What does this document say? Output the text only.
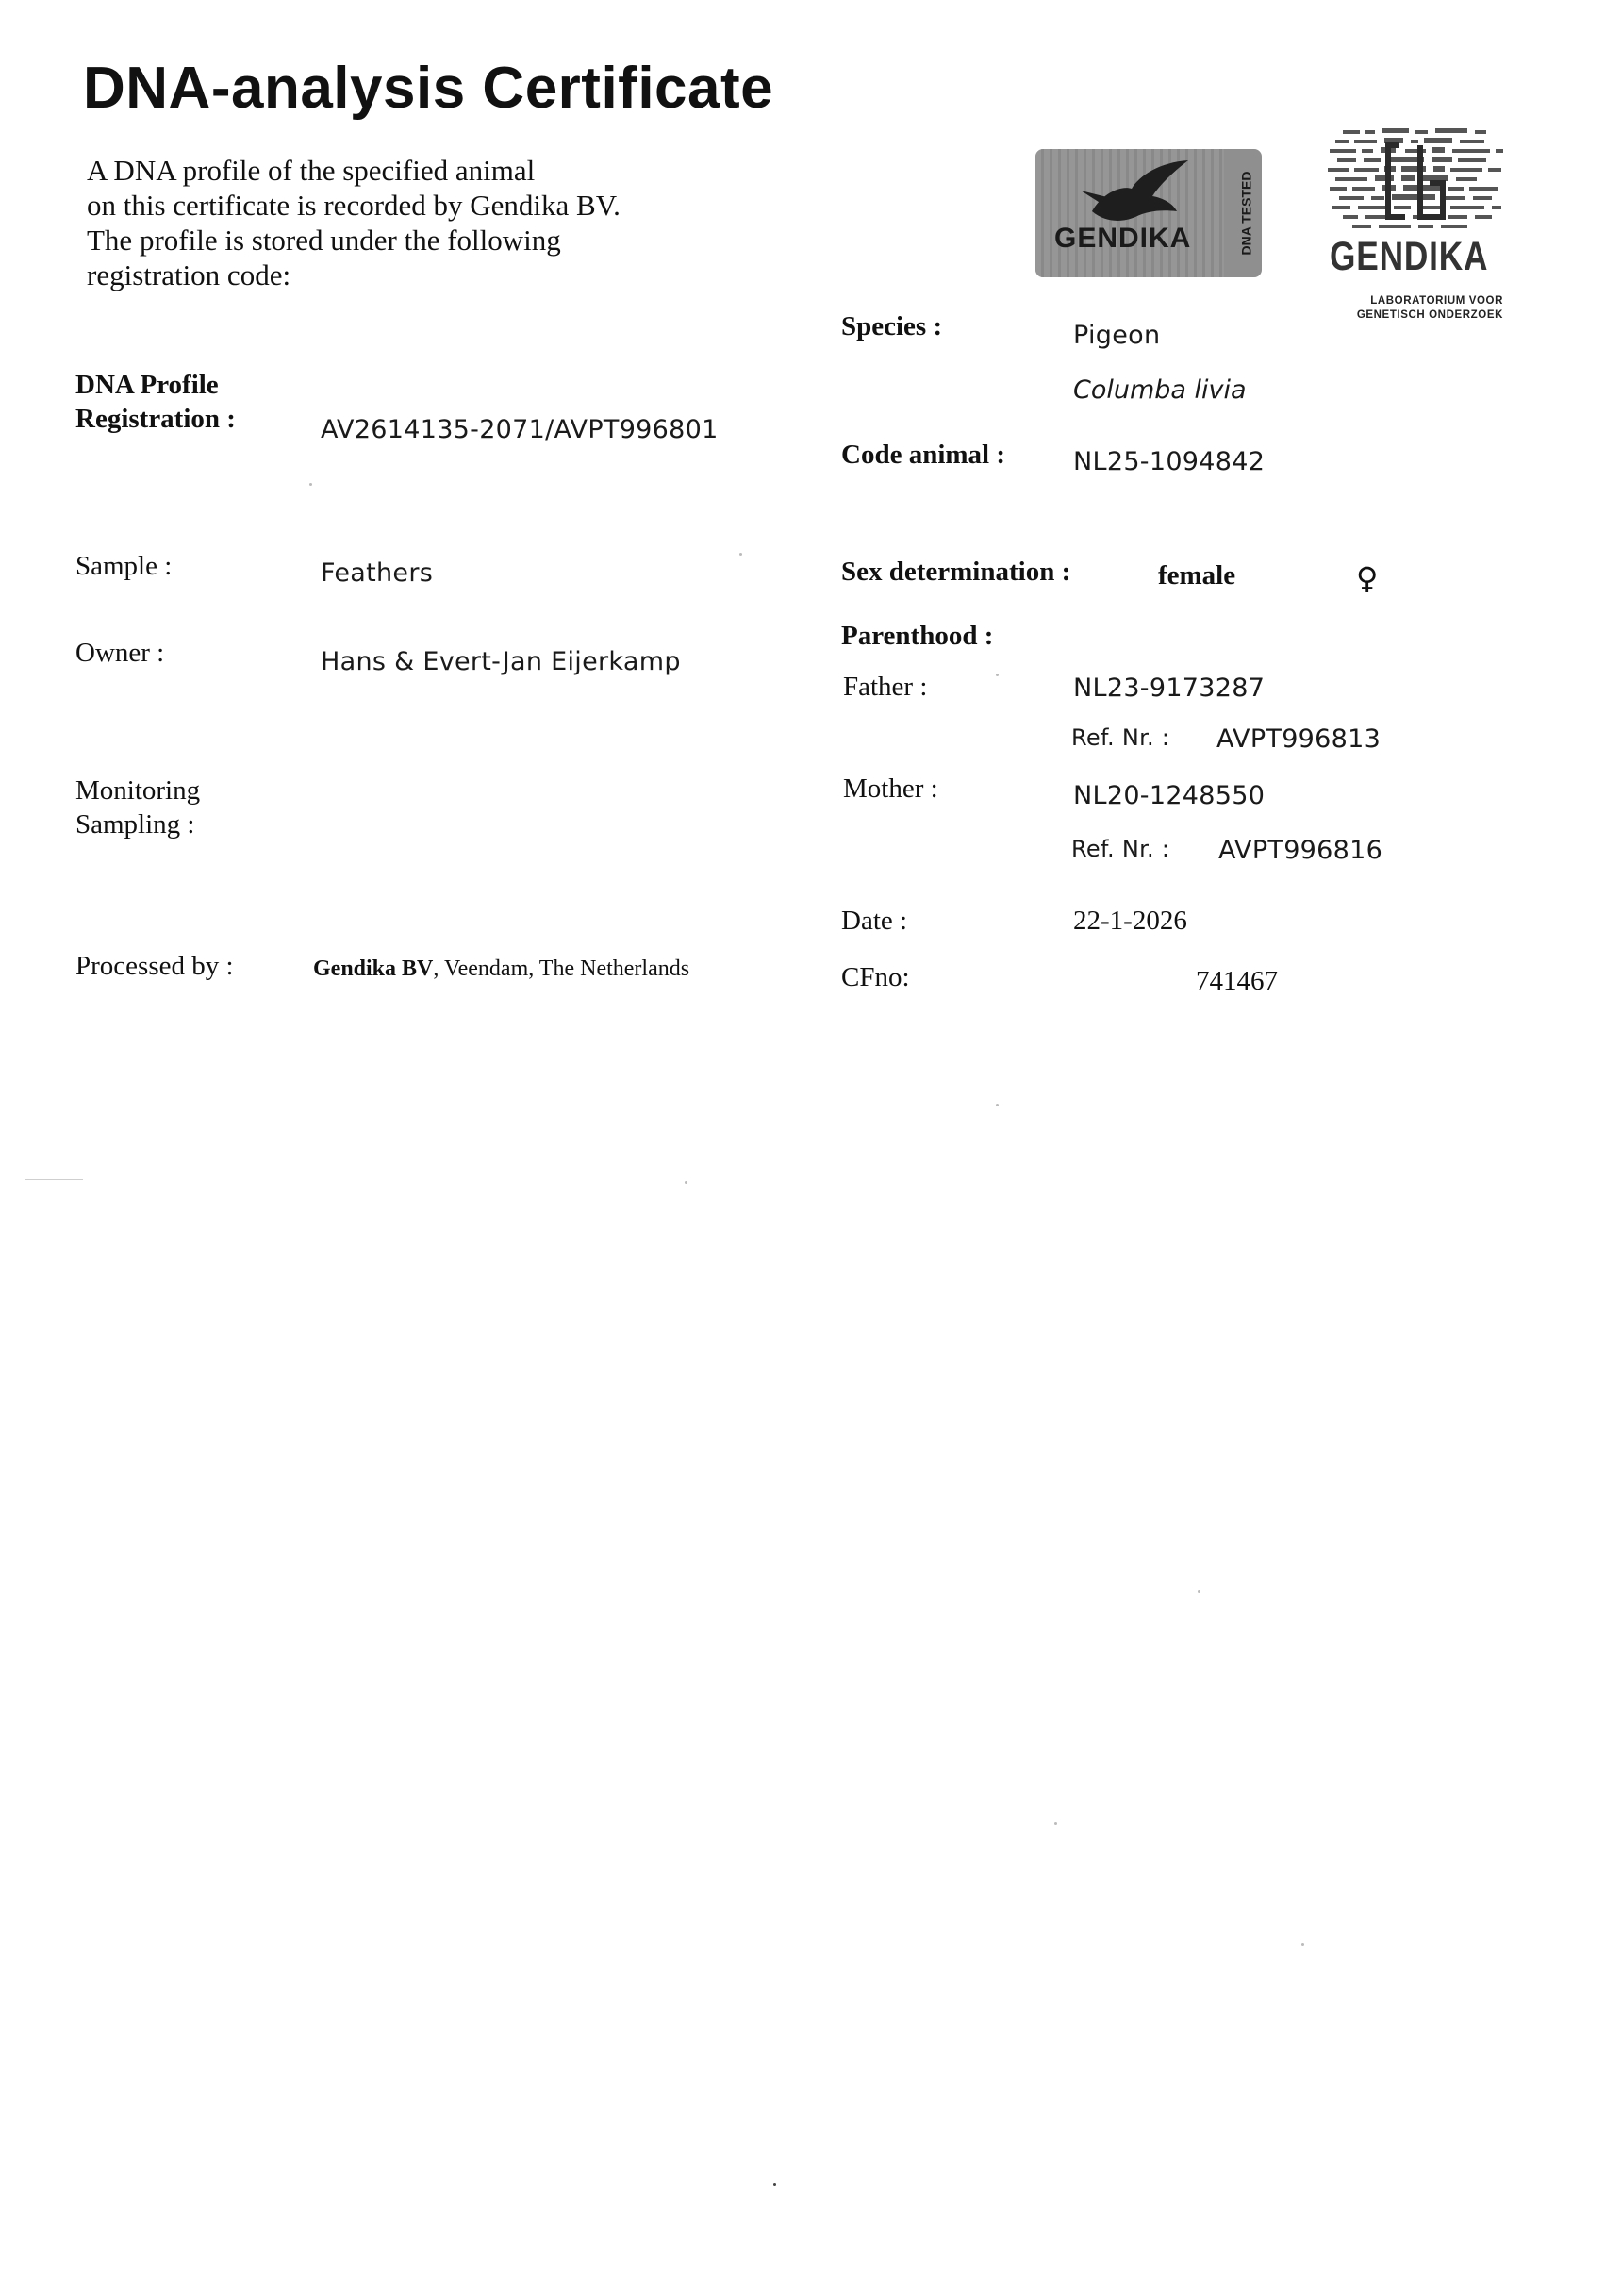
DNA-analysis Certificate
A DNA profile of the specified animal
on this certificate is recorded by Gendika BV.
The profile is stored under the following
registration code:
GENDIKA	DNA TESTED
GENDIKA
LABORATORIUM VOOR
GENETISCH ONDERZOEK
DNA Profile
Registration :	AV2614135-2071/AVPT996801
Sample :	Feathers
Owner :	Hans & Evert-Jan Eijerkamp
Monitoring
Sampling :
Processed by :	Gendika BV, Veendam, The Netherlands
Species :	Pigeon
Columba livia
Code animal :	NL25-1094842
Sex determination :	female	♀
Parenthood :
Father :	NL23-9173287
Ref. Nr. : AVPT996813
Mother :	NL20-1248550
Ref. Nr. : AVPT996816
Date :	22-1-2026
CFno:	741467
